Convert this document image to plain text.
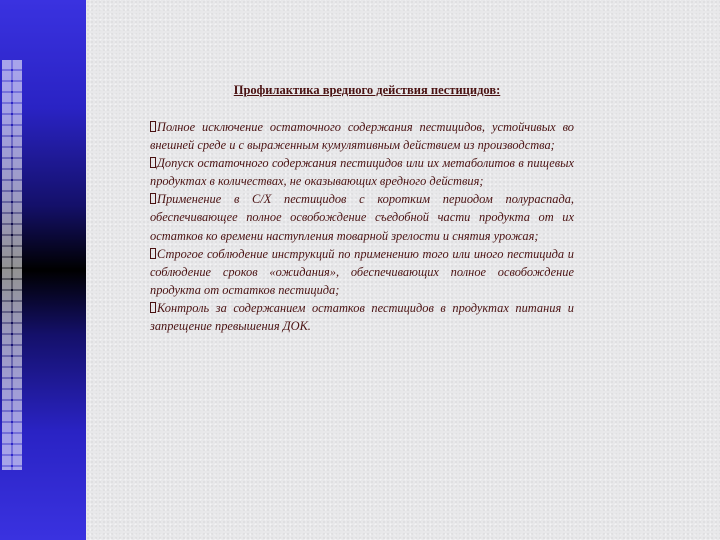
Профилактика вредного действия пестицидов:

Полное исключение остаточного содержания пестицидов, устойчивых во внешней среде и с выраженным кумулятивным действием из производства;

Допуск остаточного содержания пестицидов или их метаболитов в пищевых продуктах в количествах, не оказывающих вредного действия;

Применение в С/Х пестицидов с коротким периодом полураспада, обеспечивающее полное освобождение съедобной части продукта от их остатков ко времени наступления товарной зрелости и снятия урожая;

Строгое соблюдение инструкций по применению того или иного пестицида и соблюдение сроков «ожидания», обеспечивающих полное освобождение продукта от остатков пестицида;

Контроль за содержанием остатков пестицидов в продуктах питания и запрещение превышения ДОК.
